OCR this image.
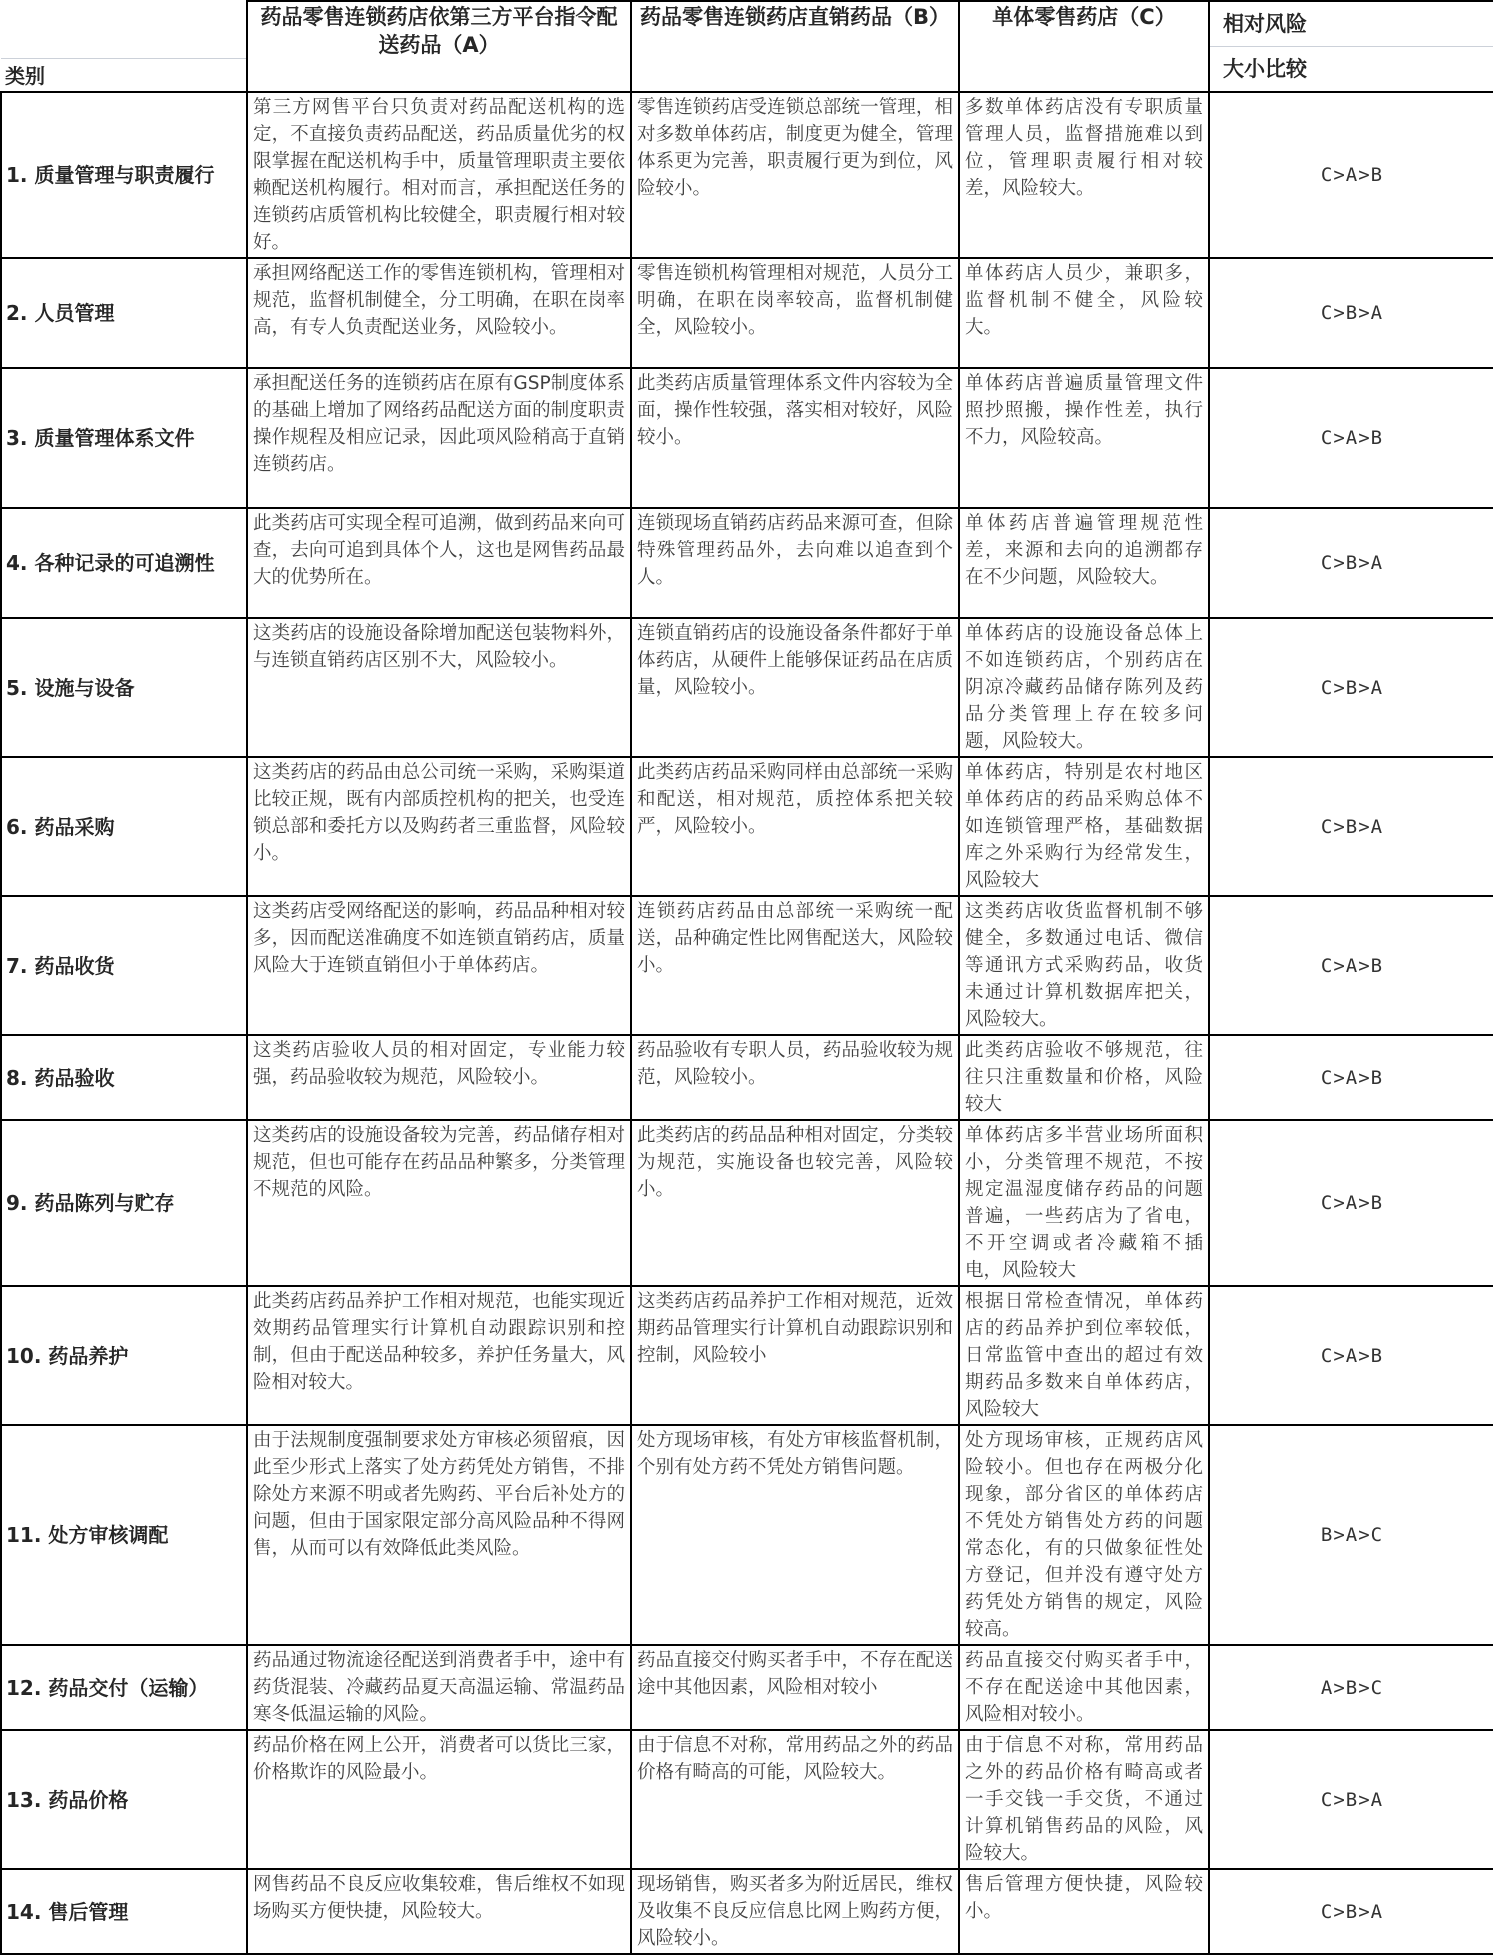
类别	药品零售连锁药店依第三方平台指令配送药品（A）	药品零售连锁药店直销药品（B）	单体零售药店（C）	相对风险
大小比较

1. 质量管理与职责履行	第三方网售平台只负责对药品配送机构的选定，不直接负责药品配送，药品质量优劣的权限掌握在配送机构手中，质量管理职责主要依赖配送机构履行。相对而言，承担配送任务的连锁药店质管机构比较健全，职责履行相对较好。	零售连锁药店受连锁总部统一管理，相对多数单体药店，制度更为健全，管理体系更为完善，职责履行更为到位，风险较小。	多数单体药店没有专职质量管理人员，监督措施难以到位，管理职责履行相对较差，风险较大。	C>A>B
2. 人员管理	承担网络配送工作的零售连锁机构，管理相对规范，监督机制健全，分工明确，在职在岗率高，有专人负责配送业务，风险较小。	零售连锁机构管理相对规范，人员分工明确，在职在岗率较高，监督机制健全，风险较小。	单体药店人员少，兼职多，监督机制不健全，风险较大。	C>B>A
3. 质量管理体系文件	承担配送任务的连锁药店在原有GSP制度体系的基础上增加了网络药品配送方面的制度职责操作规程及相应记录，因此项风险稍高于直销连锁药店。	此类药店质量管理体系文件内容较为全面，操作性较强，落实相对较好，风险较小。	单体药店普遍质量管理文件照抄照搬，操作性差，执行不力，风险较高。	C>A>B
4. 各种记录的可追溯性	此类药店可实现全程可追溯，做到药品来向可查，去向可追到具体个人，这也是网售药品最大的优势所在。	连锁现场直销药店药品来源可查，但除特殊管理药品外，去向难以追查到个人。	单体药店普遍管理规范性差，来源和去向的追溯都存在不少问题，风险较大。	C>B>A
5. 设施与设备	这类药店的设施设备除增加配送包装物料外，与连锁直销药店区别不大，风险较小。	连锁直销药店的设施设备条件都好于单体药店，从硬件上能够保证药品在店质量，风险较小。	单体药店的设施设备总体上不如连锁药店，个别药店在阴凉冷藏药品储存陈列及药品分类管理上存在较多问题，风险较大。	C>B>A
6. 药品采购	这类药店的药品由总公司统一采购，采购渠道比较正规，既有内部质控机构的把关，也受连锁总部和委托方以及购药者三重监督，风险较小。	此类药店药品采购同样由总部统一采购和配送，相对规范，质控体系把关较严，风险较小。	单体药店，特别是农村地区单体药店的药品采购总体不如连锁管理严格，基础数据库之外采购行为经常发生，风险较大	C>B>A
7. 药品收货	这类药店受网络配送的影响，药品品种相对较多，因而配送准确度不如连锁直销药店，质量风险大于连锁直销但小于单体药店。	连锁药店药品由总部统一采购统一配送，品种确定性比网售配送大，风险较小。	这类药店收货监督机制不够健全，多数通过电话、微信等通讯方式采购药品，收货未通过计算机数据库把关，风险较大。	C>A>B
8. 药品验收	这类药店验收人员的相对固定，专业能力较强，药品验收较为规范，风险较小。	药品验收有专职人员，药品验收较为规范，风险较小。	此类药店验收不够规范，往往只注重数量和价格，风险较大	C>A>B
9. 药品陈列与贮存	这类药店的设施设备较为完善，药品储存相对规范，但也可能存在药品品种繁多，分类管理不规范的风险。	此类药店的药品品种相对固定，分类较为规范，实施设备也较完善，风险较小。	单体药店多半营业场所面积小，分类管理不规范，不按规定温湿度储存药品的问题普遍，一些药店为了省电，不开空调或者冷藏箱不插电，风险较大	C>A>B
10. 药品养护	此类药店药品养护工作相对规范，也能实现近效期药品管理实行计算机自动跟踪识别和控制，但由于配送品种较多，养护任务量大，风险相对较大。	这类药店药品养护工作相对规范，近效期药品管理实行计算机自动跟踪识别和控制，风险较小	根据日常检查情况，单体药店的药品养护到位率较低，日常监管中查出的超过有效期药品多数来自单体药店，风险较大	C>A>B
11. 处方审核调配	由于法规制度强制要求处方审核必须留痕，因此至少形式上落实了处方药凭处方销售，不排除处方来源不明或者先购药、平台后补处方的问题，但由于国家限定部分高风险品种不得网售，从而可以有效降低此类风险。	处方现场审核，有处方审核监督机制，个别有处方药不凭处方销售问题。	处方现场审核，正规药店风险较小。但也存在两极分化现象，部分省区的单体药店不凭处方销售处方药的问题常态化，有的只做象征性处方登记，但并没有遵守处方药凭处方销售的规定，风险较高。	B>A>C
12. 药品交付（运输）	药品通过物流途径配送到消费者手中，途中有药货混装、冷藏药品夏天高温运输、常温药品寒冬低温运输的风险。	药品直接交付购买者手中，不存在配送途中其他因素，风险相对较小	药品直接交付购买者手中，不存在配送途中其他因素，风险相对较小。	A>B>C
13. 药品价格	药品价格在网上公开，消费者可以货比三家，价格欺诈的风险最小。	由于信息不对称，常用药品之外的药品价格有畸高的可能，风险较大。	由于信息不对称，常用药品之外的药品价格有畸高或者一手交钱一手交货，不通过计算机销售药品的风险，风险较大。	C>B>A
14. 售后管理	网售药品不良反应收集较难，售后维权不如现场购买方便快捷，风险较大。	现场销售，购买者多为附近居民，维权及收集不良反应信息比网上购药方便，风险较小。	售后管理方便快捷，风险较小。	C>B>A
